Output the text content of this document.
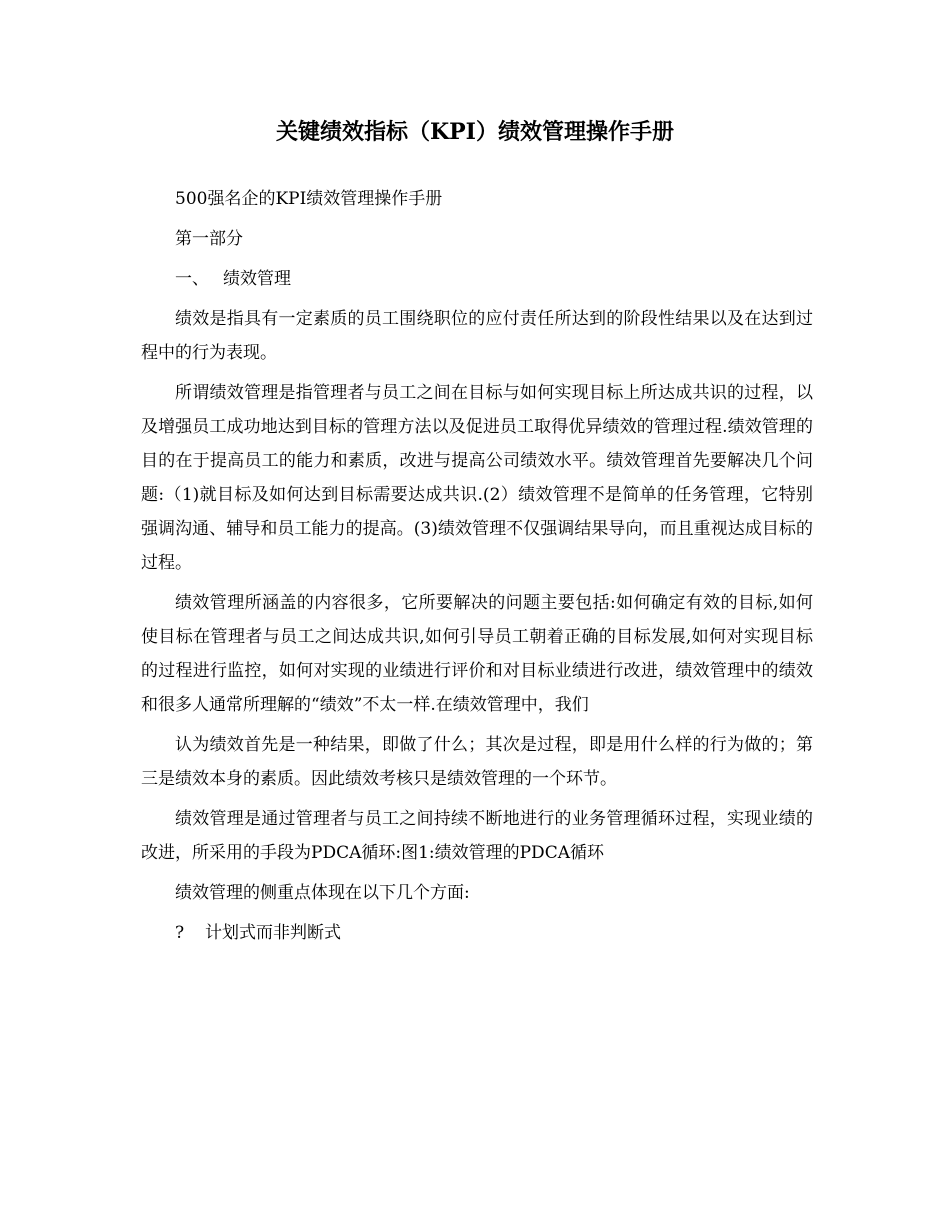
关键绩效指标（KPI）绩效管理操作手册

500强名企的KPI绩效管理操作手册

第一部分

一、 绩效管理

绩效是指具有一定素质的员工围绕职位的应付责任所达到的阶段性结果以及在达到过程中的行为表现。

所谓绩效管理是指管理者与员工之间在目标与如何实现目标上所达成共识的过程，以及增强员工成功地达到目标的管理方法以及促进员工取得优异绩效的管理过程.绩效管理的目的在于提高员工的能力和素质，改进与提高公司绩效水平。绩效管理首先要解决几个问题:（1)就目标及如何达到目标需要达成共识.(2）绩效管理不是简单的任务管理，它特别强调沟通、辅导和员工能力的提高。(3)绩效管理不仅强调结果导向，而且重视达成目标的过程。

绩效管理所涵盖的内容很多，它所要解决的问题主要包括:如何确定有效的目标,如何使目标在管理者与员工之间达成共识,如何引导员工朝着正确的目标发展,如何对实现目标的过程进行监控，如何对实现的业绩进行评价和对目标业绩进行改进，绩效管理中的绩效和很多人通常所理解的“绩效”不太一样.在绩效管理中，我们

认为绩效首先是一种结果，即做了什么；其次是过程，即是用什么样的行为做的；第三是绩效本身的素质。因此绩效考核只是绩效管理的一个环节。

绩效管理是通过管理者与员工之间持续不断地进行的业务管理循环过程，实现业绩的改进，所采用的手段为PDCA循环:图1:绩效管理的PDCA循环

绩效管理的侧重点体现在以下几个方面:

? 计划式而非判断式
